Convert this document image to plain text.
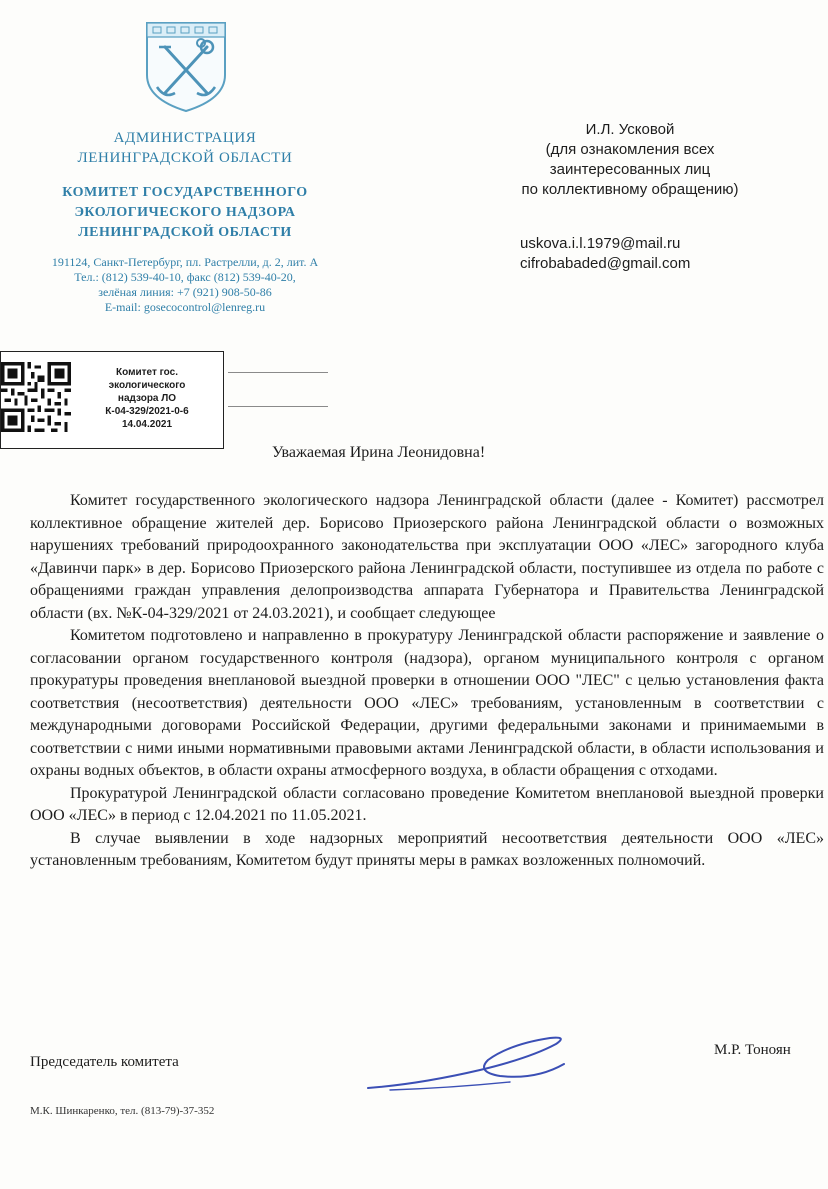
АДМИНИСТРАЦИЯ
ЛЕНИНГРАДСКОЙ ОБЛАСТИ
КОМИТЕТ ГОСУДАРСТВЕННОГО
ЭКОЛОГИЧЕСКОГО НАДЗОРА
ЛЕНИНГРАДСКОЙ ОБЛАСТИ
191124, Санкт-Петербург, пл. Растрелли, д. 2, лит. А
Тел.: (812) 539-40-10, факс (812) 539-40-20,
зелёная линия: +7 (921) 908-50-86
E-mail: gosecocontrol@lenreg.ru
И.Л. Усковой
(для ознакомления всех
заинтересованных лиц
по коллективному обращению)
uskova.i.l.1979@mail.ru
cifrobabaded@gmail.com
Комитет гос.
экологического
надзора ЛО
К-04-329/2021-0-6
14.04.2021
Уважаемая Ирина Леонидовна!

Комитет государственного экологического надзора Ленинградской области (далее - Комитет) рассмотрел коллективное обращение жителей дер. Борисово Приозерского района Ленинградской области о возможных нарушениях требований природоохранного законодательства при эксплуатации ООО «ЛЕС» загородного клуба «Давинчи парк» в дер. Борисово Приозерского района Ленинградской области, поступившее из отдела по работе с обращениями граждан управления делопроизводства аппарата Губернатора и Правительства Ленинградской области (вх. №К-04-329/2021 от 24.03.2021), и сообщает следующее

Комитетом подготовлено и направленно в прокуратуру Ленинградской области распоряжение и заявление о согласовании органом государственного контроля (надзора), органом муниципального контроля с органом прокуратуры проведения внеплановой выездной проверки в отношении ООО "ЛЕС" с целью установления факта соответствия (несоответствия) деятельности ООО «ЛЕС» требованиям, установленным в соответствии с международными договорами Российской Федерации, другими федеральными законами и принимаемыми в соответствии с ними иными нормативными правовыми актами Ленинградской области, в области использования и охраны водных объектов, в области охраны атмосферного воздуха, в области обращения с отходами.

Прокуратурой Ленинградской области согласовано проведение Комитетом внеплановой выездной проверки ООО «ЛЕС» в период с 12.04.2021 по 11.05.2021.

В случае выявлении в ходе надзорных мероприятий несоответствия деятельности ООО «ЛЕС» установленным требованиям, Комитетом будут приняты меры в рамках возложенных полномочий.

Председатель комитета
М.Р. Тоноян
М.К. Шинкаренко, тел. (813-79)-37-352
